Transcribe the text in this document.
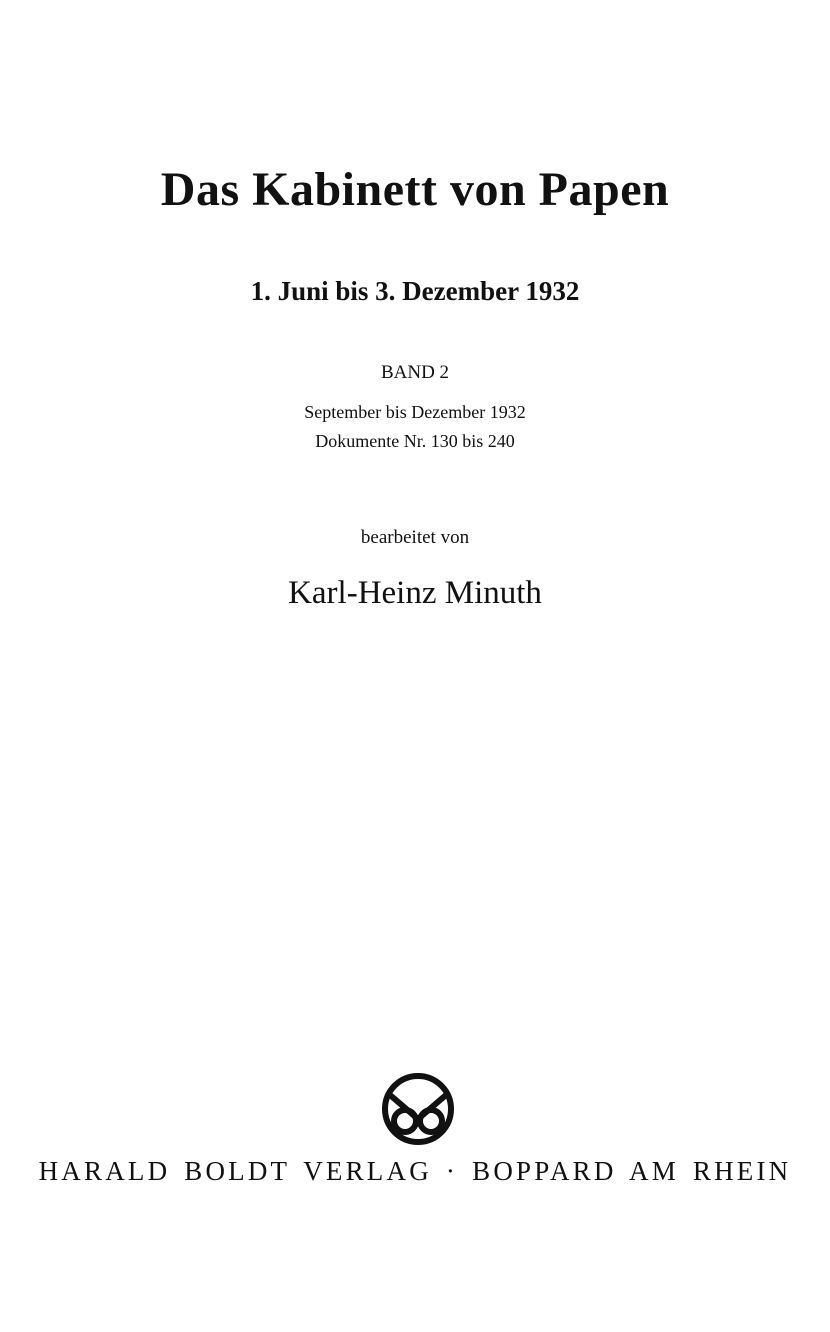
Das Kabinett von Papen
1. Juni bis 3. Dezember 1932
BAND 2
September bis Dezember 1932
Dokumente Nr. 130 bis 240
bearbeitet von
Karl-Heinz Minuth
HARALD BOLDT VERLAG · BOPPARD AM RHEIN
